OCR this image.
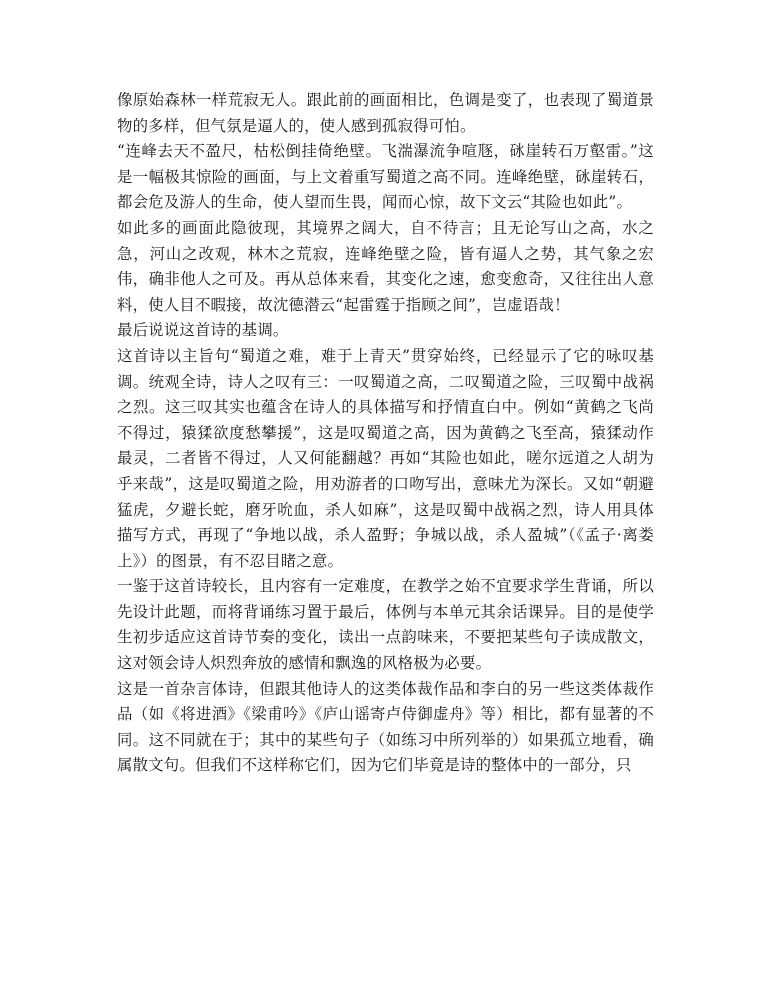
像原始森林一样荒寂无人。跟此前的画面相比，色调是变了，也表现了蜀道景物的多样，但气氛是逼人的，使人感到孤寂得可怕。

“连峰去天不盈尺，枯松倒挂倚绝壁。飞湍瀑流争喧豗，砯崖转石万壑雷。”这是一幅极其惊险的画面，与上文着重写蜀道之高不同。连峰绝壁，砯崖转石，都会危及游人的生命，使人望而生畏，闻而心惊，故下文云“其险也如此”。

如此多的画面此隐彼现，其境界之阔大，自不待言；且无论写山之高，水之急，河山之改观，林木之荒寂，连峰绝壁之险，皆有逼人之势，其气象之宏伟，确非他人之可及。再从总体来看，其变化之速，愈变愈奇，又往往出人意料，使人目不暇接，故沈德潜云“起雷霆于指顾之间”，岂虚语哉！

最后说说这首诗的基调。

这首诗以主旨句“蜀道之难，难于上青天”贯穿始终，已经显示了它的咏叹基调。统观全诗，诗人之叹有三：一叹蜀道之高，二叹蜀道之险，三叹蜀中战祸之烈。这三叹其实也蕴含在诗人的具体描写和抒情直白中。例如“黄鹤之飞尚不得过，猿猱欲度愁攀援”，这是叹蜀道之高，因为黄鹤之飞至高，猿猱动作最灵，二者皆不得过，人又何能翻越？再如“其险也如此，嗟尔远道之人胡为乎来哉”，这是叹蜀道之险，用劝游者的口吻写出，意味尤为深长。又如“朝避猛虎，夕避长蛇，磨牙吮血，杀人如麻”，这是叹蜀中战祸之烈，诗人用具体描写方式，再现了“争地以战，杀人盈野；争城以战，杀人盈城”（《孟子·离娄上》）的图景，有不忍目睹之意。

一鉴于这首诗较长，且内容有一定难度，在教学之始不宜要求学生背诵，所以先设计此题，而将背诵练习置于最后，体例与本单元其余话课异。目的是使学生初步适应这首诗节奏的变化，读出一点韵味来，不要把某些句子读成散文，这对领会诗人炽烈奔放的感情和飘逸的风格极为必要。

这是一首杂言体诗，但跟其他诗人的这类体裁作品和李白的另一些这类体裁作品（如《将进酒》《梁甫吟》《庐山谣寄卢侍御虚舟》等）相比，都有显著的不同。这不同就在于；其中的某些句子（如练习中所列举的）如果孤立地看，确属散文句。但我们不这样称它们，因为它们毕竟是诗的整体中的一部分，只
